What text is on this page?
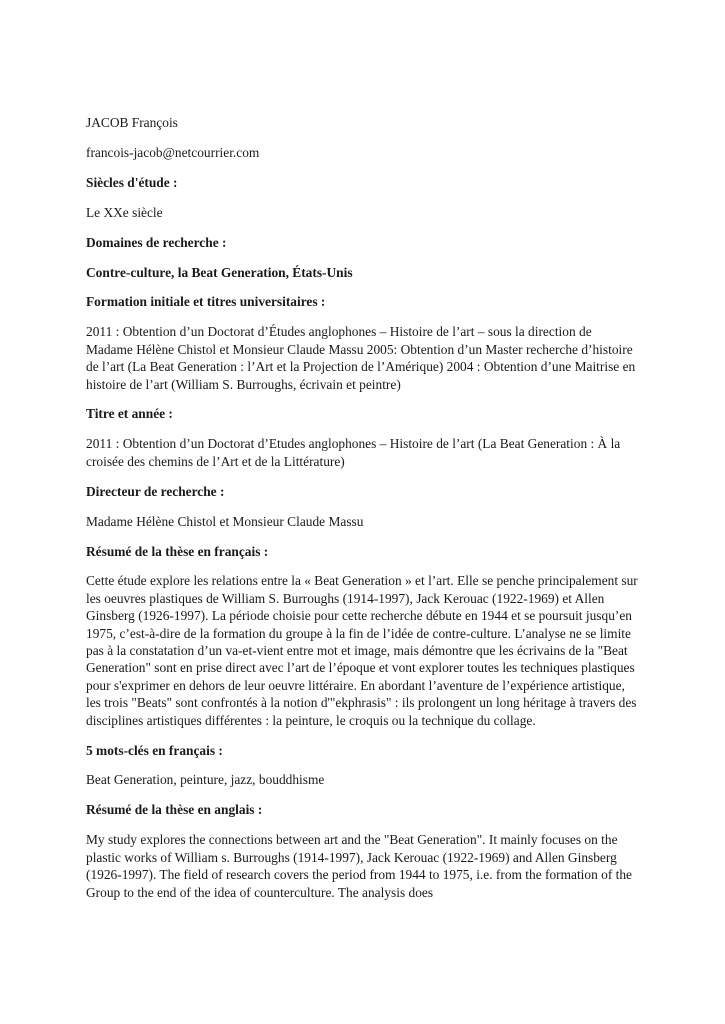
JACOB François

francois-jacob@netcourrier.com

Siècles d'étude :

Le XXe siècle

Domaines de recherche :

Contre-culture, la Beat Generation, États-Unis

Formation initiale et titres universitaires :

2011 : Obtention d’un Doctorat d’Études anglophones – Histoire de l’art – sous la direction de Madame Hélène Chistol et Monsieur Claude Massu 2005: Obtention d’un Master recherche d’histoire de l’art (La Beat Generation : l’Art et la Projection de l’Amérique) 2004 : Obtention d’une Maitrise en histoire de l’art (William S. Burroughs, écrivain et peintre)

Titre et année :

2011 : Obtention d’un Doctorat d’Etudes anglophones – Histoire de l’art (La Beat Generation : À la croisée des chemins de l’Art et de la Littérature)

Directeur de recherche :

Madame Hélène Chistol et Monsieur Claude Massu

Résumé de la thèse en français :

Cette étude explore les relations entre la « Beat Generation » et l’art. Elle se penche principalement sur les oeuvres plastiques de William S. Burroughs (1914-1997), Jack Kerouac (1922-1969) et Allen Ginsberg (1926-1997). La période choisie pour cette recherche débute en 1944 et se poursuit jusqu’en 1975, c’est-à-dire de la formation du groupe à la fin de l’idée de contre-culture. L’analyse ne se limite pas à la constatation d’un va-et-vient entre mot et image, mais démontre que les écrivains de la "Beat Generation" sont en prise direct avec l’art de l’époque et vont explorer toutes les techniques plastiques pour s'exprimer en dehors de leur oeuvre littéraire. En abordant l’aventure de l’expérience artistique, les trois "Beats" sont confrontés à la notion d'"ekphrasis" : ils prolongent un long héritage à travers des disciplines artistiques différentes : la peinture, le croquis ou la technique du collage.

5 mots-clés en français :

Beat Generation, peinture, jazz, bouddhisme

Résumé de la thèse en anglais :

My study explores the connections between art and the "Beat Generation". It mainly focuses on the plastic works of William s. Burroughs (1914-1997), Jack Kerouac (1922-1969) and Allen Ginsberg (1926-1997). The field of research covers the period from 1944 to 1975, i.e. from the formation of the Group to the end of the idea of counterculture. The analysis does
